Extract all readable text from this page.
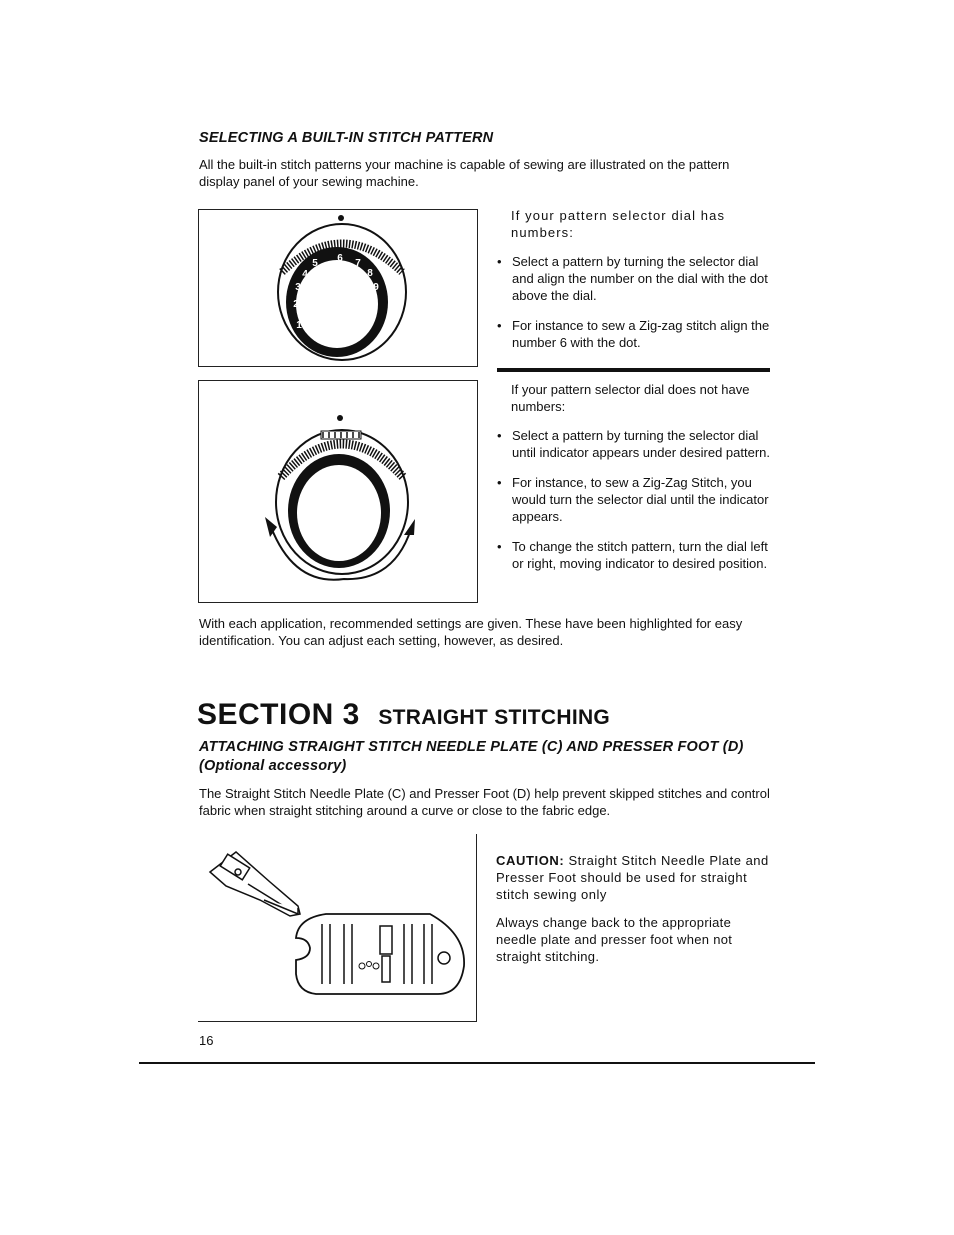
SELECTING A BUILT-IN STITCH PATTERN
All the built-in stitch patterns your machine is capable of sewing are illustrated on the pattern display panel of your sewing machine.
1
2
3
4
5 6 7
8
9
If your pattern selector dial has numbers:
• Select a pattern by turning the selector dial and align the number on the dial with the dot above the dial.
• For instance to sew a Zig-zag stitch align the number 6 with the dot.
If your pattern selector dial does not have numbers:
• Select a pattern by turning the selector dial until indicator appears under desired pattern.
• For instance, to sew a Zig-Zag Stitch, you would turn the selector dial until the indicator appears.
• To change the stitch pattern, turn the dial left or right, moving indicator to desired position.
With each application, recommended settings are given. These have been highlighted for easy identification. You can adjust each setting, however, as desired.
SECTION 3 STRAIGHT STITCHING
ATTACHING STRAIGHT STITCH NEEDLE PLATE (C) AND PRESSER FOOT (D)
(Optional accessory)
The Straight Stitch Needle Plate (C) and Presser Foot (D) help prevent skipped stitches and control fabric when straight stitching around a curve or close to the fabric edge.
CAUTION: Straight Stitch Needle Plate and Presser Foot should be used for straight stitch sewing only
Always change back to the appropriate needle plate and presser foot when not straight stitching.
16
